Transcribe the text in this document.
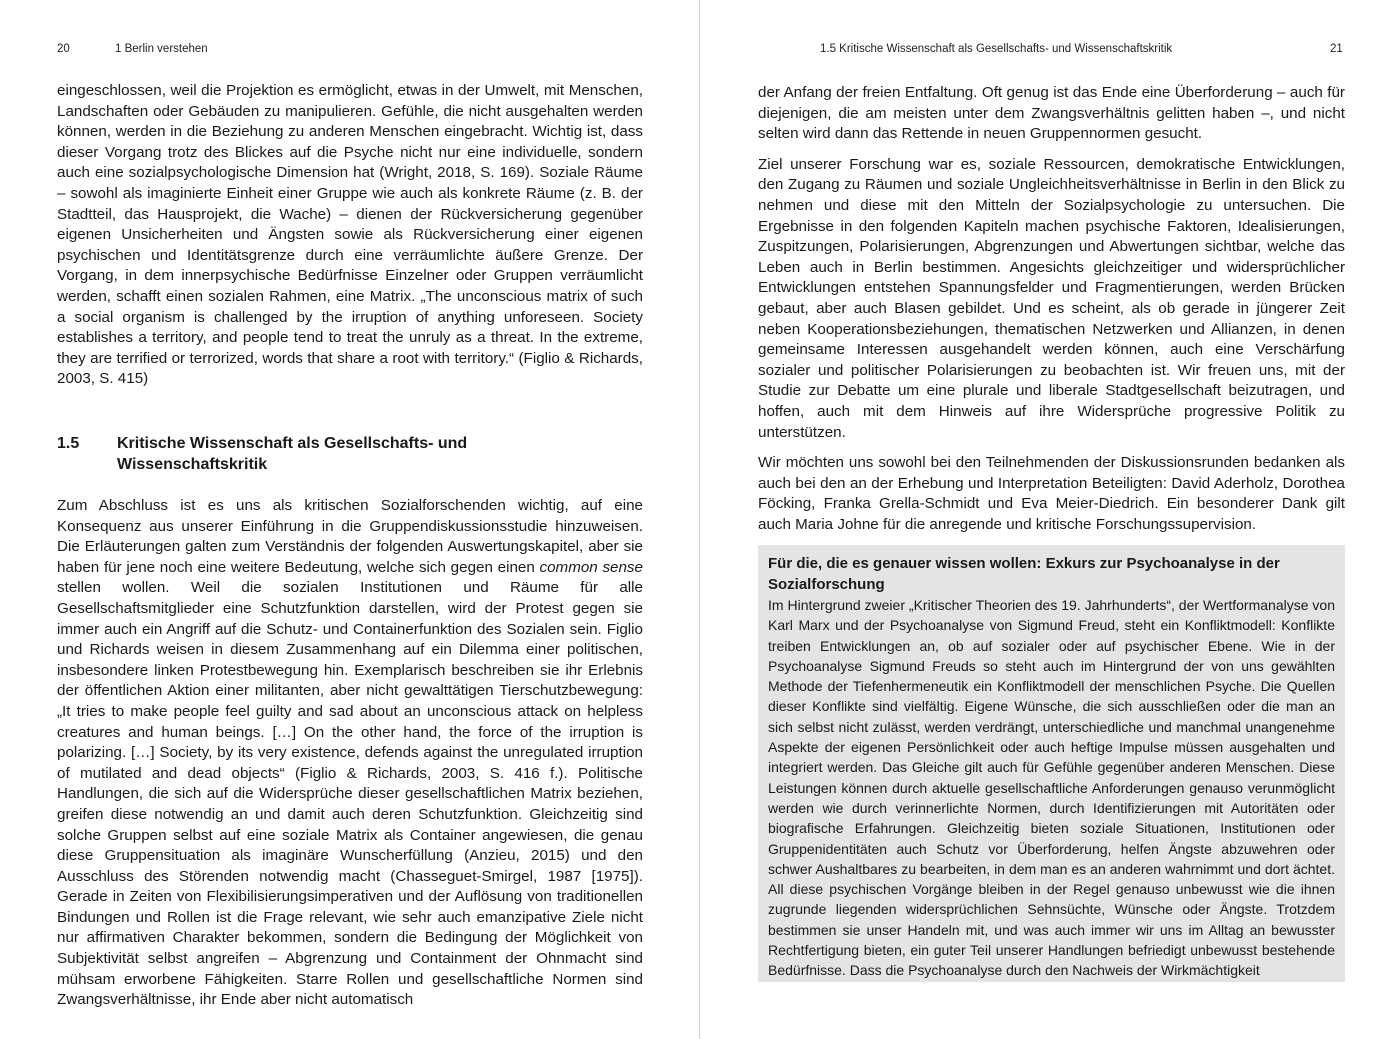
20	1 Berlin verstehen

eingeschlossen, weil die Projektion es ermöglicht, etwas in der Umwelt, mit Menschen, Landschaften oder Gebäuden zu manipulieren. Gefühle, die nicht ausgehalten werden können, werden in die Beziehung zu anderen Menschen eingebracht. Wichtig ist, dass dieser Vorgang trotz des Blickes auf die Psyche nicht nur eine individuelle, sondern auch eine sozialpsychologische Dimension hat (Wright, 2018, S. 169). Soziale Räume – sowohl als imaginierte Einheit einer Gruppe wie auch als konkrete Räume (z. B. der Stadtteil, das Hausprojekt, die Wache) – dienen der Rückversicherung gegenüber eigenen Unsicherheiten und Ängsten sowie als Rückversicherung einer eigenen psychischen und Identitätsgrenze durch eine verräumlichte äußere Grenze. Der Vorgang, in dem innerpsychische Bedürfnisse Einzelner oder Gruppen verräumlicht werden, schafft einen sozialen Rahmen, eine Matrix. „The unconscious matrix of such a social organism is challenged by the irruption of anything unforeseen. Society establishes a territory, and people tend to treat the unruly as a threat. In the extreme, they are terrified or terrorized, words that share a root with territory.“ (Figlio & Richards, 2003, S. 415)

1.5 Kritische Wissenschaft als Gesellschafts- und Wissenschaftskritik

Zum Abschluss ist es uns als kritischen Sozialforschenden wichtig, auf eine Konsequenz aus unserer Einführung in die Gruppendiskussionsstudie hinzuweisen. Die Erläuterungen galten zum Verständnis der folgenden Auswertungskapitel, aber sie haben für jene noch eine weitere Bedeutung, welche sich gegen einen common sense stellen wollen. Weil die sozialen Institutionen und Räume für alle Gesellschaftsmitglieder eine Schutzfunktion darstellen, wird der Protest gegen sie immer auch ein Angriff auf die Schutz- und Containerfunktion des Sozialen sein. Figlio und Richards weisen in diesem Zusammenhang auf ein Dilemma einer politischen, insbesondere linken Protestbewegung hin. Exemplarisch beschreiben sie ihr Erlebnis der öffentlichen Aktion einer militanten, aber nicht gewalttätigen Tierschutzbewegung: „It tries to make people feel guilty and sad about an unconscious attack on helpless creatures and human beings. […] On the other hand, the force of the irruption is polarizing. […] Society, by its very existence, defends against the unregulated irruption of mutilated and dead objects“ (Figlio & Richards, 2003, S. 416 f.). Politische Handlungen, die sich auf die Widersprüche dieser gesellschaftlichen Matrix beziehen, greifen diese notwendig an und damit auch deren Schutzfunktion. Gleichzeitig sind solche Gruppen selbst auf eine soziale Matrix als Container angewiesen, die genau diese Gruppensituation als imaginäre Wunscherfüllung (Anzieu, 2015) und den Ausschluss des Störenden notwendig macht (Chasseguet-Smirgel, 1987 [1975]). Gerade in Zeiten von Flexibilisierungsimperativen und der Auflösung von traditionellen Bindungen und Rollen ist die Frage relevant, wie sehr auch emanzipative Ziele nicht nur affirmativen Charakter bekommen, sondern die Bedingung der Möglichkeit von Subjektivität selbst angreifen – Abgrenzung und Containment der Ohnmacht sind mühsam erworbene Fähigkeiten. Starre Rollen und gesellschaftliche Normen sind Zwangsverhältnisse, ihr Ende aber nicht automatisch

1.5 Kritische Wissenschaft als Gesellschafts- und Wissenschaftskritik	21

der Anfang der freien Entfaltung. Oft genug ist das Ende eine Überforderung – auch für diejenigen, die am meisten unter dem Zwangsverhältnis gelitten haben –, und nicht selten wird dann das Rettende in neuen Gruppennormen gesucht.

Ziel unserer Forschung war es, soziale Ressourcen, demokratische Entwicklungen, den Zugang zu Räumen und soziale Ungleichheitsverhältnisse in Berlin in den Blick zu nehmen und diese mit den Mitteln der Sozialpsychologie zu untersuchen. Die Ergebnisse in den folgenden Kapiteln machen psychische Faktoren, Idealisierungen, Zuspitzungen, Polarisierungen, Abgrenzungen und Abwertungen sichtbar, welche das Leben auch in Berlin bestimmen. Angesichts gleichzeitiger und widersprüchlicher Entwicklungen entstehen Spannungsfelder und Fragmentierungen, werden Brücken gebaut, aber auch Blasen gebildet. Und es scheint, als ob gerade in jüngerer Zeit neben Kooperationsbeziehungen, thematischen Netzwerken und Allianzen, in denen gemeinsame Interessen ausgehandelt werden können, auch eine Verschärfung sozialer und politischer Polarisierungen zu beobachten ist. Wir freuen uns, mit der Studie zur Debatte um eine plurale und liberale Stadtgesellschaft beizutragen, und hoffen, auch mit dem Hinweis auf ihre Widersprüche progressive Politik zu unterstützen.

Wir möchten uns sowohl bei den Teilnehmenden der Diskussionsrunden bedanken als auch bei den an der Erhebung und Interpretation Beteiligten: David Aderholz, Dorothea Föcking, Franka Grella-Schmidt und Eva Meier-Diedrich. Ein besonderer Dank gilt auch Maria Johne für die anregende und kritische Forschungssupervision.

Für die, die es genauer wissen wollen: Exkurs zur Psychoanalyse in der Sozialforschung

Im Hintergrund zweier „Kritischer Theorien des 19. Jahrhunderts“, der Wertformanalyse von Karl Marx und der Psychoanalyse von Sigmund Freud, steht ein Konfliktmodell: Konflikte treiben Entwicklungen an, ob auf sozialer oder auf psychischer Ebene. Wie in der Psychoanalyse Sigmund Freuds so steht auch im Hintergrund der von uns gewählten Methode der Tiefenhermeneutik ein Konfliktmodell der menschlichen Psyche. Die Quellen dieser Konflikte sind vielfältig. Eigene Wünsche, die sich ausschließen oder die man an sich selbst nicht zulässt, werden verdrängt, unterschiedliche und manchmal unangenehme Aspekte der eigenen Persönlichkeit oder auch heftige Impulse müssen ausgehalten und integriert werden. Das Gleiche gilt auch für Gefühle gegenüber anderen Menschen. Diese Leistungen können durch aktuelle gesellschaftliche Anforderungen genauso verunmöglicht werden wie durch verinnerlichte Normen, durch Identifizierungen mit Autoritäten oder biografische Erfahrungen. Gleichzeitig bieten soziale Situationen, Institutionen oder Gruppenidentitäten auch Schutz vor Überforderung, helfen Ängste abzuwehren oder schwer Aushaltbares zu bearbeiten, in dem man es an anderen wahrnimmt und dort ächtet. All diese psychischen Vorgänge bleiben in der Regel genauso unbewusst wie die ihnen zugrunde liegenden widersprüchlichen Sehnsüchte, Wünsche oder Ängste. Trotzdem bestimmen sie unser Handeln mit, und was auch immer wir uns im Alltag an bewusster Rechtfertigung bieten, ein guter Teil unserer Handlungen befriedigt unbewusst bestehende Bedürfnisse. Dass die Psychoanalyse durch den Nachweis der Wirkmächtigkeit
